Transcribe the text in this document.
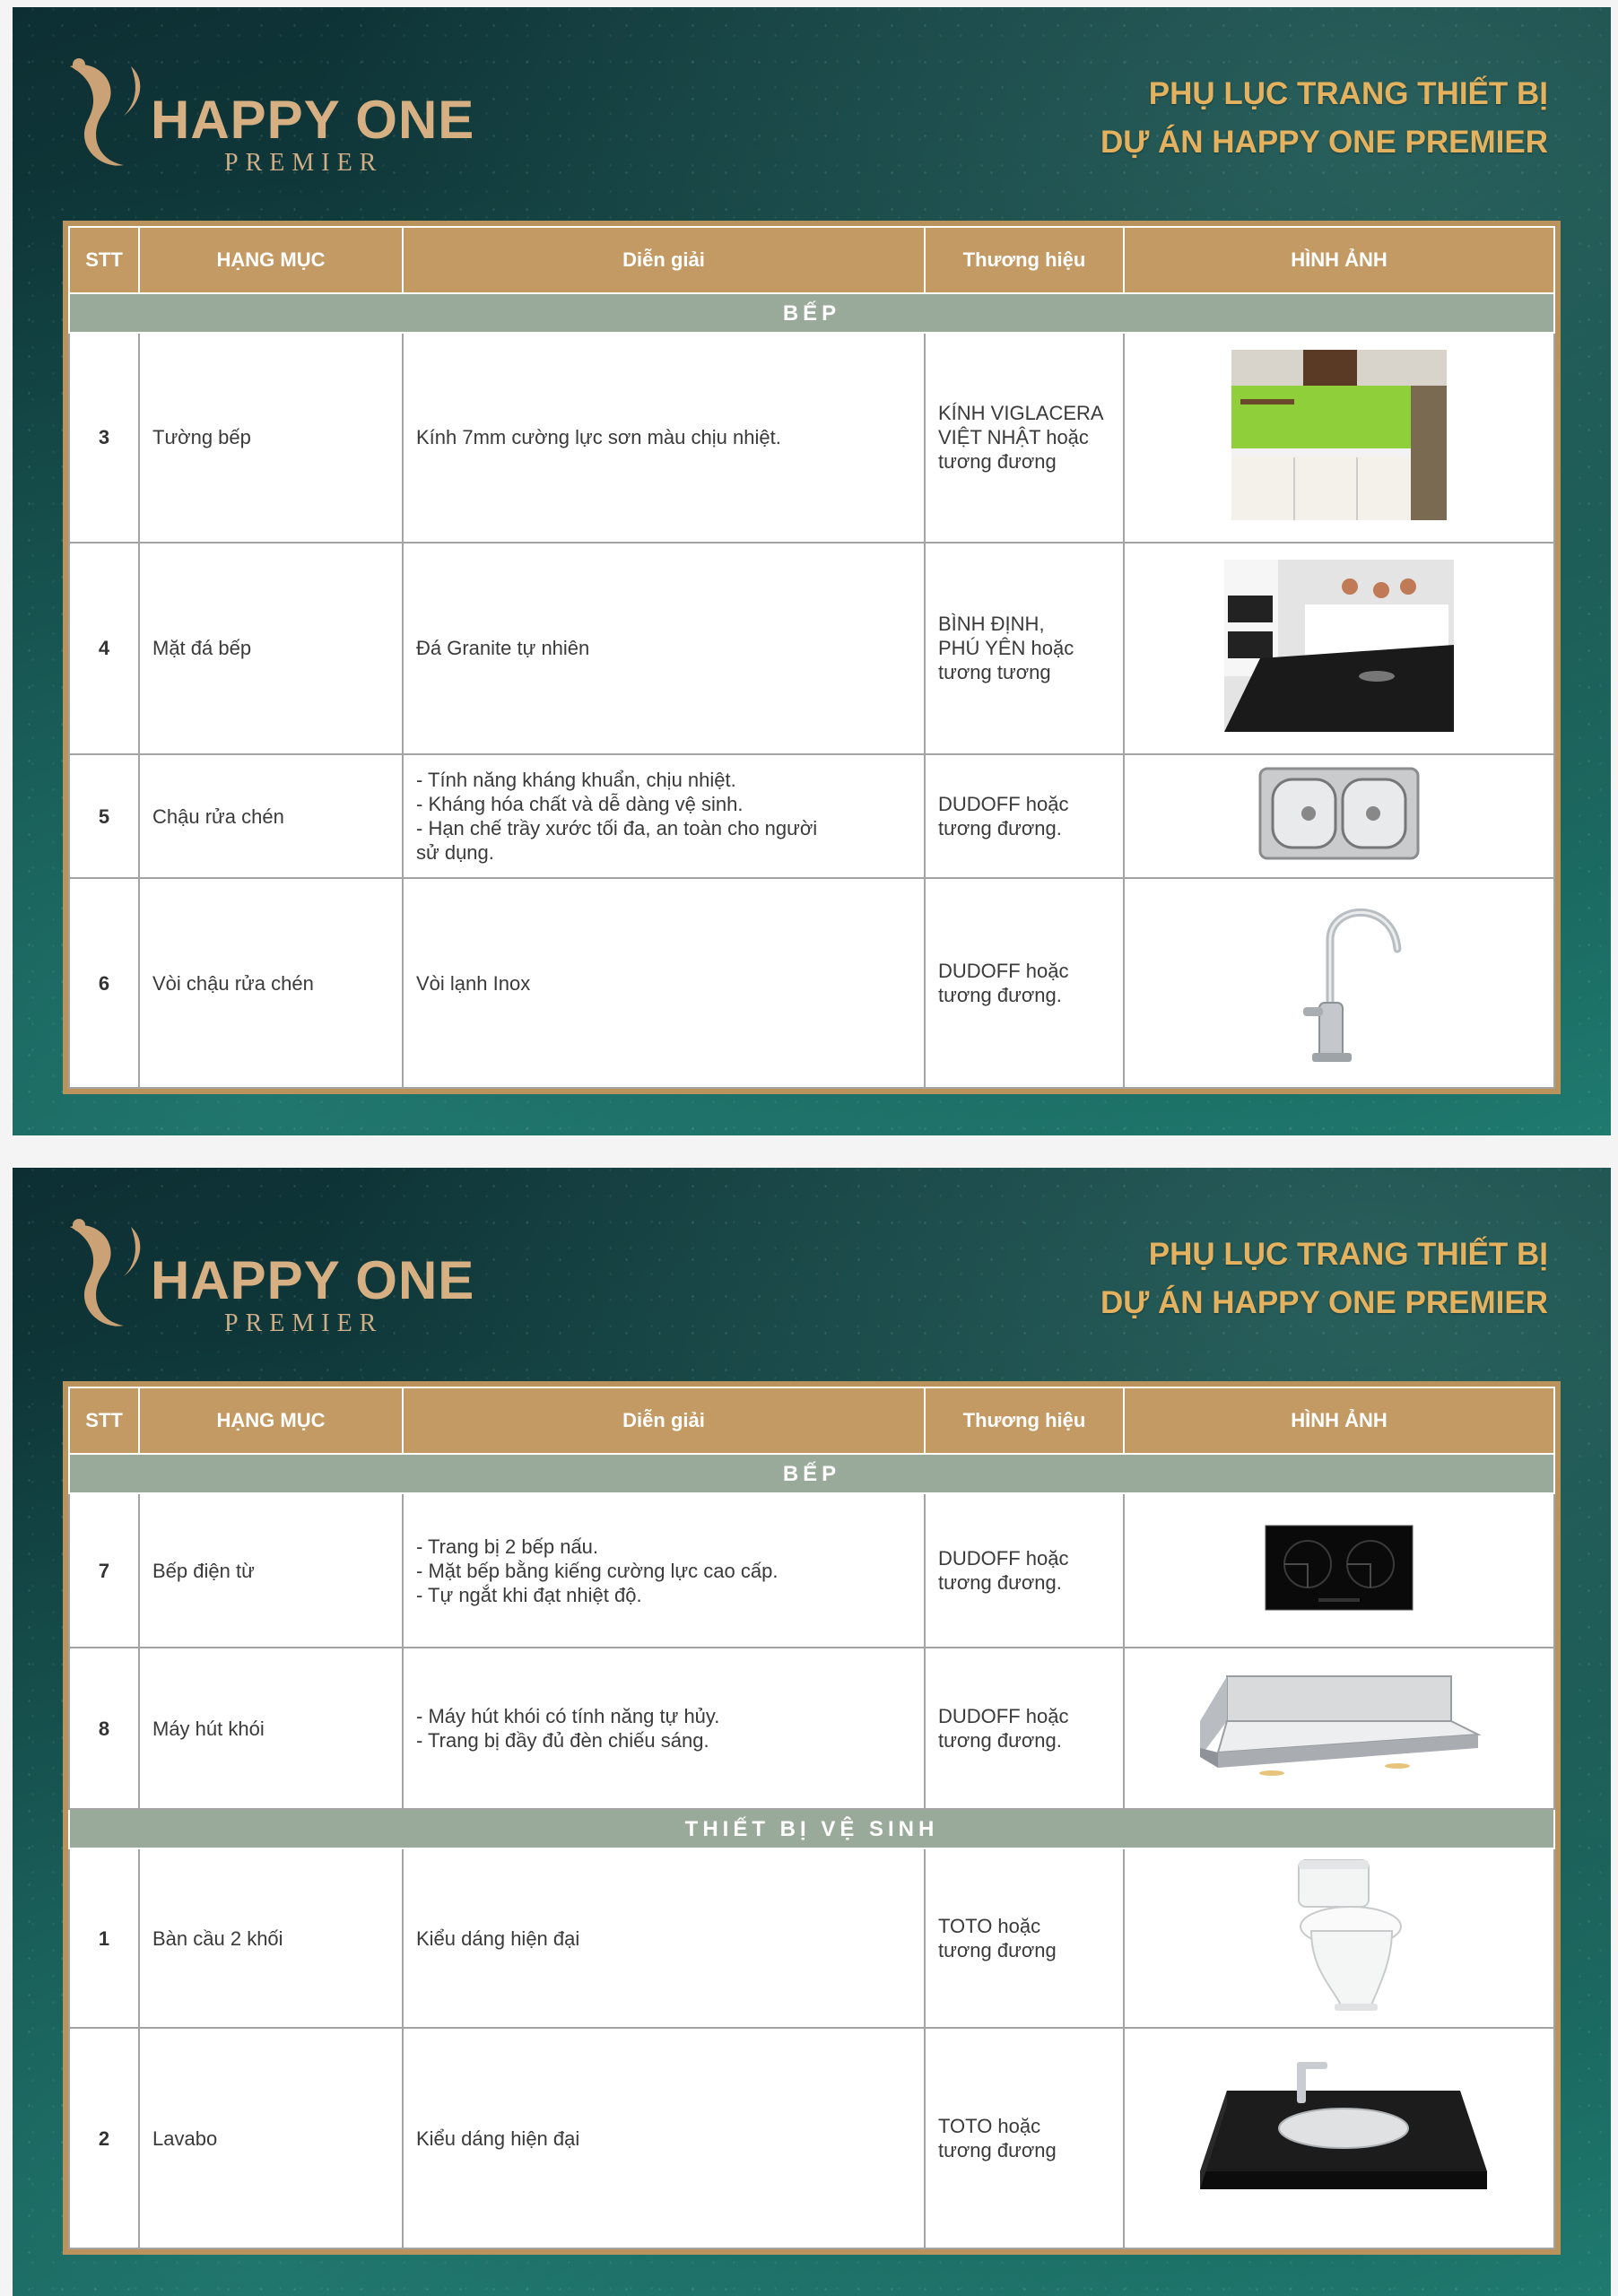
HAPPY ONE
PREMIER
PHỤ LỤC TRANG THIẾT BỊ
DỰ ÁN HAPPY ONE PREMIER
STT	HẠNG MỤC	Diễn giải	Thương hiệu	HÌNH ẢNH
BẾP				
3	Tường bếp	Kính 7mm cường lực sơn màu chịu nhiệt.	KÍNH VIGLACERA
VIỆT NHẬT hoặc
tương đương

4	Mặt đá bếp	Đá Granite tự nhiên	BÌNH ĐỊNH,
PHÚ YÊN hoặc
tương tương

5	Chậu rửa chén	- Tính năng kháng khuẩn, chịu nhiệt.
- Kháng hóa chất và dễ dàng vệ sinh.
- Hạn chế trầy xước tối đa, an toàn cho người
sử dụng.	DUDOFF hoặc
tương đương.

6	Vòi chậu rửa chén	Vòi lạnh Inox	DUDOFF hoặc
tương đương.

HAPPY ONE
PREMIER
PHỤ LỤC TRANG THIẾT BỊ
DỰ ÁN HAPPY ONE PREMIER
STT	HẠNG MỤC	Diễn giải	Thương hiệu	HÌNH ẢNH
BẾP				
7	Bếp điện từ	- Trang bị 2 bếp nấu.
- Mặt bếp bằng kiếng cường lực cao cấp.
- Tự ngắt khi đạt nhiệt độ.	DUDOFF hoặc
tương đương.

8	Máy hút khói	- Máy hút khói có tính năng tự hủy.
- Trang bị đầy đủ đèn chiếu sáng.	DUDOFF hoặc
tương đương.

THIẾT BỊ VỆ SINH				
1	Bàn cầu 2 khối	Kiểu dáng hiện đại	TOTO hoặc
tương đương

2	Lavabo	Kiểu dáng hiện đại	TOTO hoặc
tương đương
